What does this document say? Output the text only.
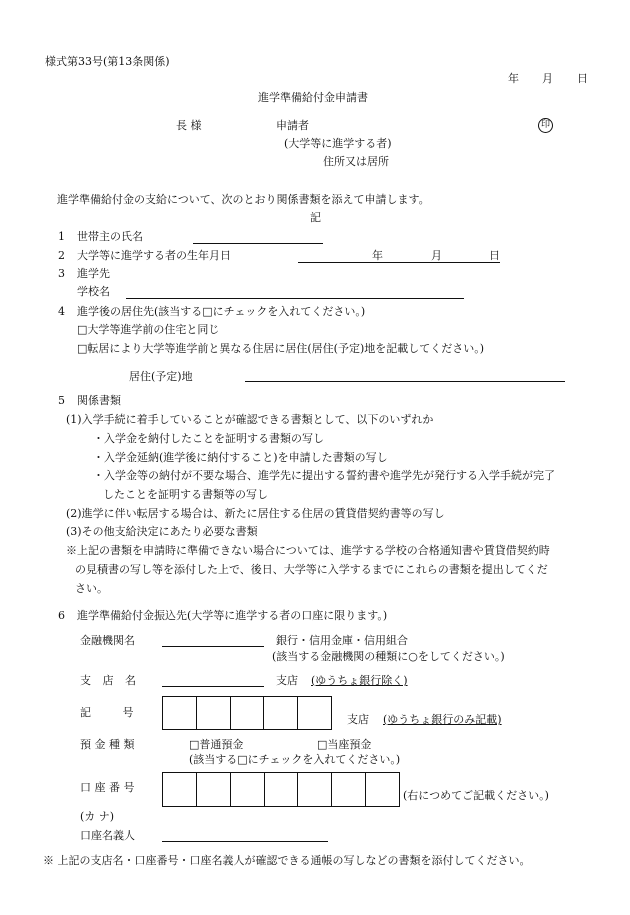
様式第33号(第13条関係)
年 月 日
進学準備給付金申請書
長 様	申請者	印
(大学等に進学する者)
住所又は居所
進学準備給付金の支給について、次のとおり関係書類を添えて申請します。
記
1 世帯主の氏名
2 大学等に進学する者の生年月日	年	月	日
3 進学先
学校名
4 進学後の居住先(該当する□にチェックを入れてください。)
□大学等進学前の住宅と同じ
□転居により大学等進学前と異なる住居に居住(居住(予定)地を記載してください。)
居住(予定)地
5 関係書類
(1)入学手続に着手していることが確認できる書類として、以下のいずれか
・入学金を納付したことを証明する書類の写し
・入学金延納(進学後に納付すること)を申請した書類の写し
・入学金等の納付が不要な場合、進学先に提出する誓約書や進学先が発行する入学手続が完了
したことを証明する書類等の写し
(2)進学に伴い転居する場合は、新たに居住する住居の賃貸借契約書等の写し
(3)その他支給決定にあたり必要な書類
※上記の書類を申請時に準備できない場合については、進学する学校の合格通知書や賃貸借契約時
の見積書の写し等を添付した上で、後日、大学等に入学するまでにこれらの書類を提出してくだ
さい。
6 進学準備給付金振込先(大学等に進学する者の口座に限ります。)
金融機関名	銀行・信用金庫・信用組合
(該当する金融機関の種類に○をしてください。)
支 店 名	支店 (ゆうちょ銀行除く)
記 号
支店 (ゆうちょ銀行のみ記載)
預 金 種 類	□普通預金	□当座預金
(該当する□にチェックを入れてください。)
口 座 番 号
(右につめてご記載ください。)
(カ ナ)
口座名義人
※ 上記の支店名・口座番号・口座名義人が確認できる通帳の写しなどの書類を添付してください。
